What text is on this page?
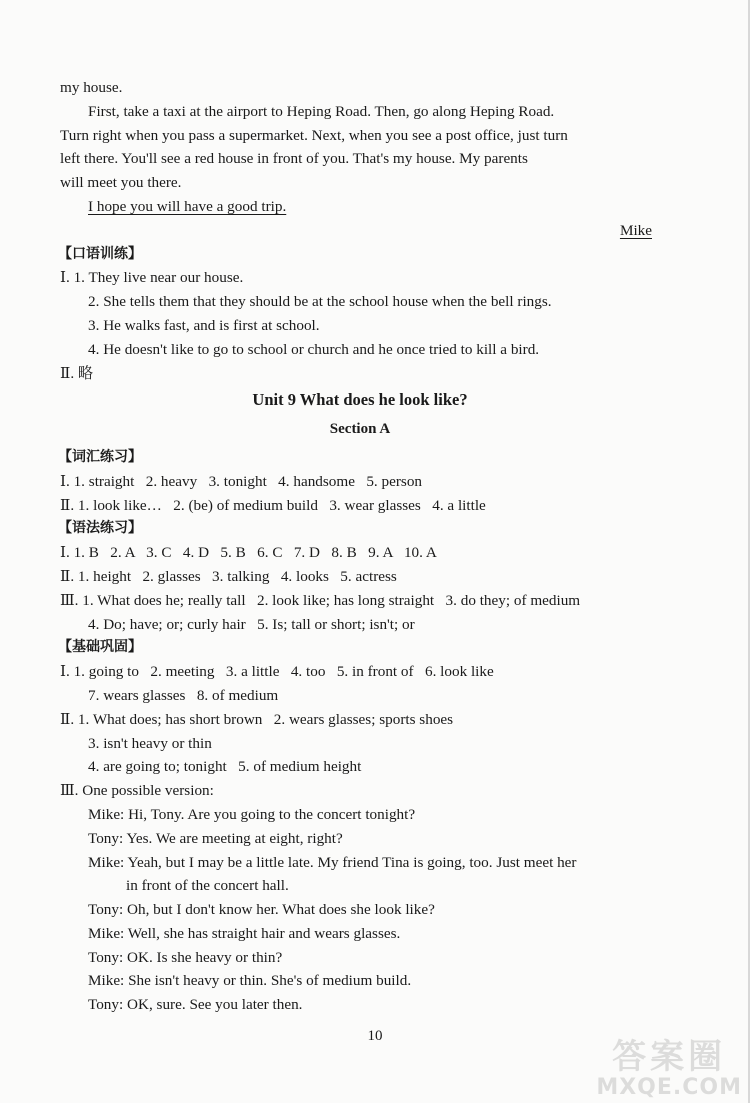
my house.
First, take a taxi at the airport to Heping Road. Then, go along Heping Road.
Turn right when you pass a supermarket. Next, when you see a post office, just turn
left there. You'll see a red house in front of you. That's my house. My parents
will meet you there.
I hope you will have a good trip.
Mike
【口语训练】
Ⅰ. 1. They live near our house.
2. She tells them that they should be at the school house when the bell rings.
3. He walks fast, and is first at school.
4. He doesn't like to go to school or church and he once tried to kill a bird.
Ⅱ. 略
Unit 9 What does he look like?
Section A
【词汇练习】
Ⅰ. 1. straight   2. heavy   3. tonight   4. handsome   5. person
Ⅱ. 1. look like…   2. (be) of medium build   3. wear glasses   4. a little
【语法练习】
Ⅰ. 1. B   2. A   3. C   4. D   5. B   6. C   7. D   8. B   9. A   10. A
Ⅱ. 1. height   2. glasses   3. talking   4. looks   5. actress
Ⅲ. 1. What does he; really tall   2. look like; has long straight   3. do they; of medium
4. Do; have; or; curly hair   5. Is; tall or short; isn't; or
【基础巩固】
Ⅰ. 1. going to   2. meeting   3. a little   4. too   5. in front of   6. look like
7. wears glasses   8. of medium
Ⅱ. 1. What does; has short brown   2. wears glasses; sports shoes
3. isn't heavy or thin
4. are going to; tonight   5. of medium height
Ⅲ. One possible version:
Mike: Hi, Tony. Are you going to the concert tonight?
Tony: Yes. We are meeting at eight, right?
Mike: Yeah, but I may be a little late. My friend Tina is going, too. Just meet her
in front of the concert hall.
Tony: Oh, but I don't know her. What does she look like?
Mike: Well, she has straight hair and wears glasses.
Tony: OK. Is she heavy or thin?
Mike: She isn't heavy or thin. She's of medium build.
Tony: OK, sure. See you later then.
10
答案圈
MXQE.COM
